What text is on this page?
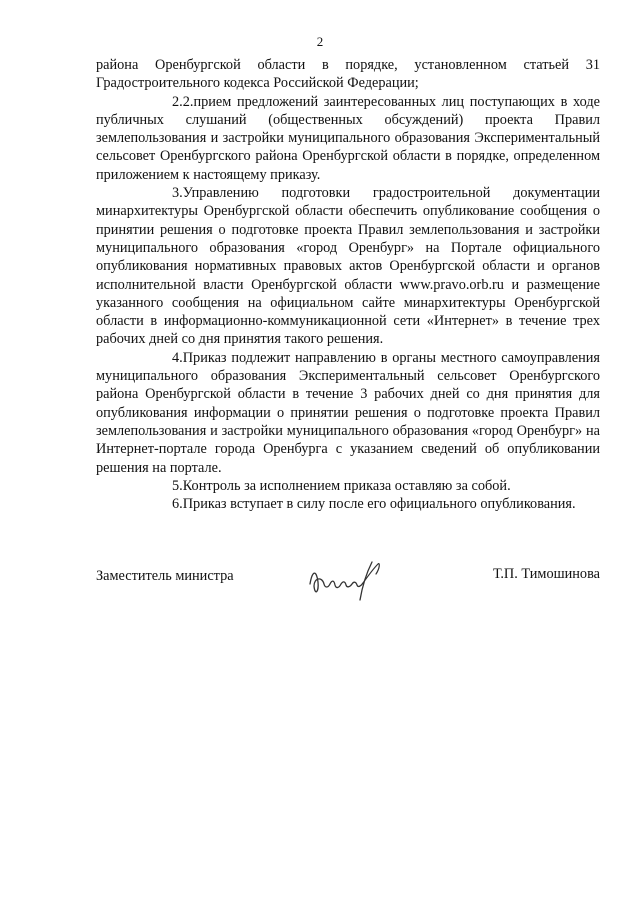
2

района Оренбургской области в порядке, установленном статьей 31 Градостроительного кодекса Российской Федерации;

2.2.прием предложений заинтересованных лиц поступающих в ходе публичных слушаний (общественных обсуждений) проекта Правил землепользования и застройки муниципального образования Экспериментальный сельсовет Оренбургского района Оренбургской области в порядке, определенном приложением к настоящему приказу.

3.Управлению подготовки градостроительной документации минархитектуры Оренбургской области обеспечить опубликование сообщения о принятии решения о подготовке проекта Правил землепользования и застройки муниципального образования «город Оренбург» на Портале официального опубликования нормативных правовых актов Оренбургской области и органов исполнительной власти Оренбургской области www.pravo.orb.ru и размещение указанного сообщения на официальном сайте минархитектуры Оренбургской области в информационно-коммуникационной сети «Интернет» в течение трех рабочих дней со дня принятия такого решения.

4.Приказ подлежит направлению в органы местного самоуправления муниципального образования Экспериментальный сельсовет Оренбургского района Оренбургской области в течение 3 рабочих дней со дня принятия для опубликования информации о принятии решения о подготовке проекта Правил землепользования и застройки муниципального образования «город Оренбург» на Интернет-портале города Оренбурга с указанием сведений об опубликовании решения на портале.

5.Контроль за исполнением приказа оставляю за собой.

6.Приказ вступает в силу после его официального опубликования.

Заместитель министра	Т.П. Тимошинова
